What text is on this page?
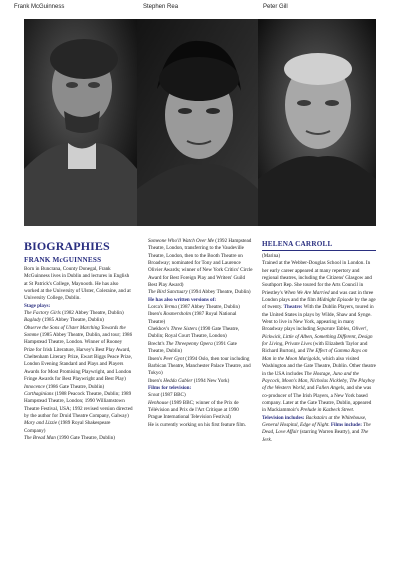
Frank McGuinness	Stephen Rea	Peter Gill

BIOGRAPHIES

FRANK McGUINNESS

Born in Buncrana, County Donegal, Frank McGuinness lives in Dublin and lectures in English at St Patrick's College, Maynooth. He has also worked at the University of Ulster, Coleraine, and at University College, Dublin.

Stage plays:

The Factory Girls (1982 Abbey Theatre, Dublin)

Baglady (1985 Abbey Theatre, Dublin)

Observe the Sons of Ulster Marching Towards the Somme (1985 Abbey Theatre, Dublin, and tour; 1986 Hampstead Theatre, London. Winner of Rooney Prize for Irish Literature, Harvey's Best Play Award, Cheltenham Literary Prize, Ewart Biggs Peace Prize, London Evening Standard and Plays and Players Awards for Most Promising Playwright, and London Fringe Awards for Best Playwright and Best Play)

Innocence (1986 Gate Theatre, Dublin)

Carthaginians (1988 Peacock Theatre, Dublin; 1989 Hampstead Theatre, London; 1990 Williamstown Theatre Festival, USA; 1992 revised version directed by the author for Druid Theatre Company, Galway)

Mary and Lizzie (1989 Royal Shakespeare Company)

The Bread Man (1990 Gate Theatre, Dublin)

Someone Who'll Watch Over Me (1992 Hampstead Theatre, London, transferring to the Vaudeville Theatre, London, then to the Booth Theatre on Broadway; nominated for Tony and Laurence Olivier Awards; winner of New York Critics' Circle Award for Best Foreign Play and Writers' Guild Best Play Award)

The Bird Sanctuary (1994 Abbey Theatre, Dublin)

He has also written versions of:

Lorca's Yerma (1987 Abbey Theatre, Dublin)

Ibsen's Rosmersholm (1987 Royal National Theatre)

Chekhov's Three Sisters (1990 Gate Theatre, Dublin; Royal Court Theatre, London)

Brecht's The Threepenny Opera (1991 Gate Theatre, Dublin)

Ibsen's Peer Gynt (1994 Oslo, then tour including Barbican Theatre, Manchester Palace Theatre, and Tokyo)

Ibsen's Hedda Gabler (1994 New York)

Films for television:

Scout (1987 BBC)

Henhouse (1989 BBC; winner of the Prix de Télévision and Prix de l'Art Critique at 1990 Prague International Television Festival)

He is currently working on his first feature film.

HELENA CARROLL

(Marina)

Trained at the Webber-Douglas School in London. In her early career appeared at many repertory and regional theatres, including the Citizens' Glasgow and Southport Rep. She toured for the Arts Council in Priestley's When We Are Married and was cast in three London plays and the film Midnight Episode by the age of twenty. Theatre: With the Dublin Players, toured in the United States in plays by Wilde, Shaw and Synge. Went to live in New York, appearing in many Broadway plays including Separate Tables, Oliver!, Pickwick, Little of Alben, Something Different, Design for Living, Private Lives (with Elizabeth Taylor and Richard Burton), and The Effect of Gamma Rays on Man in the Moon Marigolds, which also visited Washington and the Gate Theatre, Dublin. Other theatre in the USA includes The Hostage, Juno and the Paycock, Moon's Man, Nicholas Nickleby, The Playboy of the Western World, and Fallen Angels, and she was co-producer of The Irish Players, a New York based company. Later at the Gate Theatre, Dublin, appeared in Mackiammoir's Prelude in Kazbeck Street. Television includes: Backstairs at the Whitehouse, General Hospital, Edge of Night. Films include: The Dead, Love Affair (starring Warren Beatty), and The Jerk.
